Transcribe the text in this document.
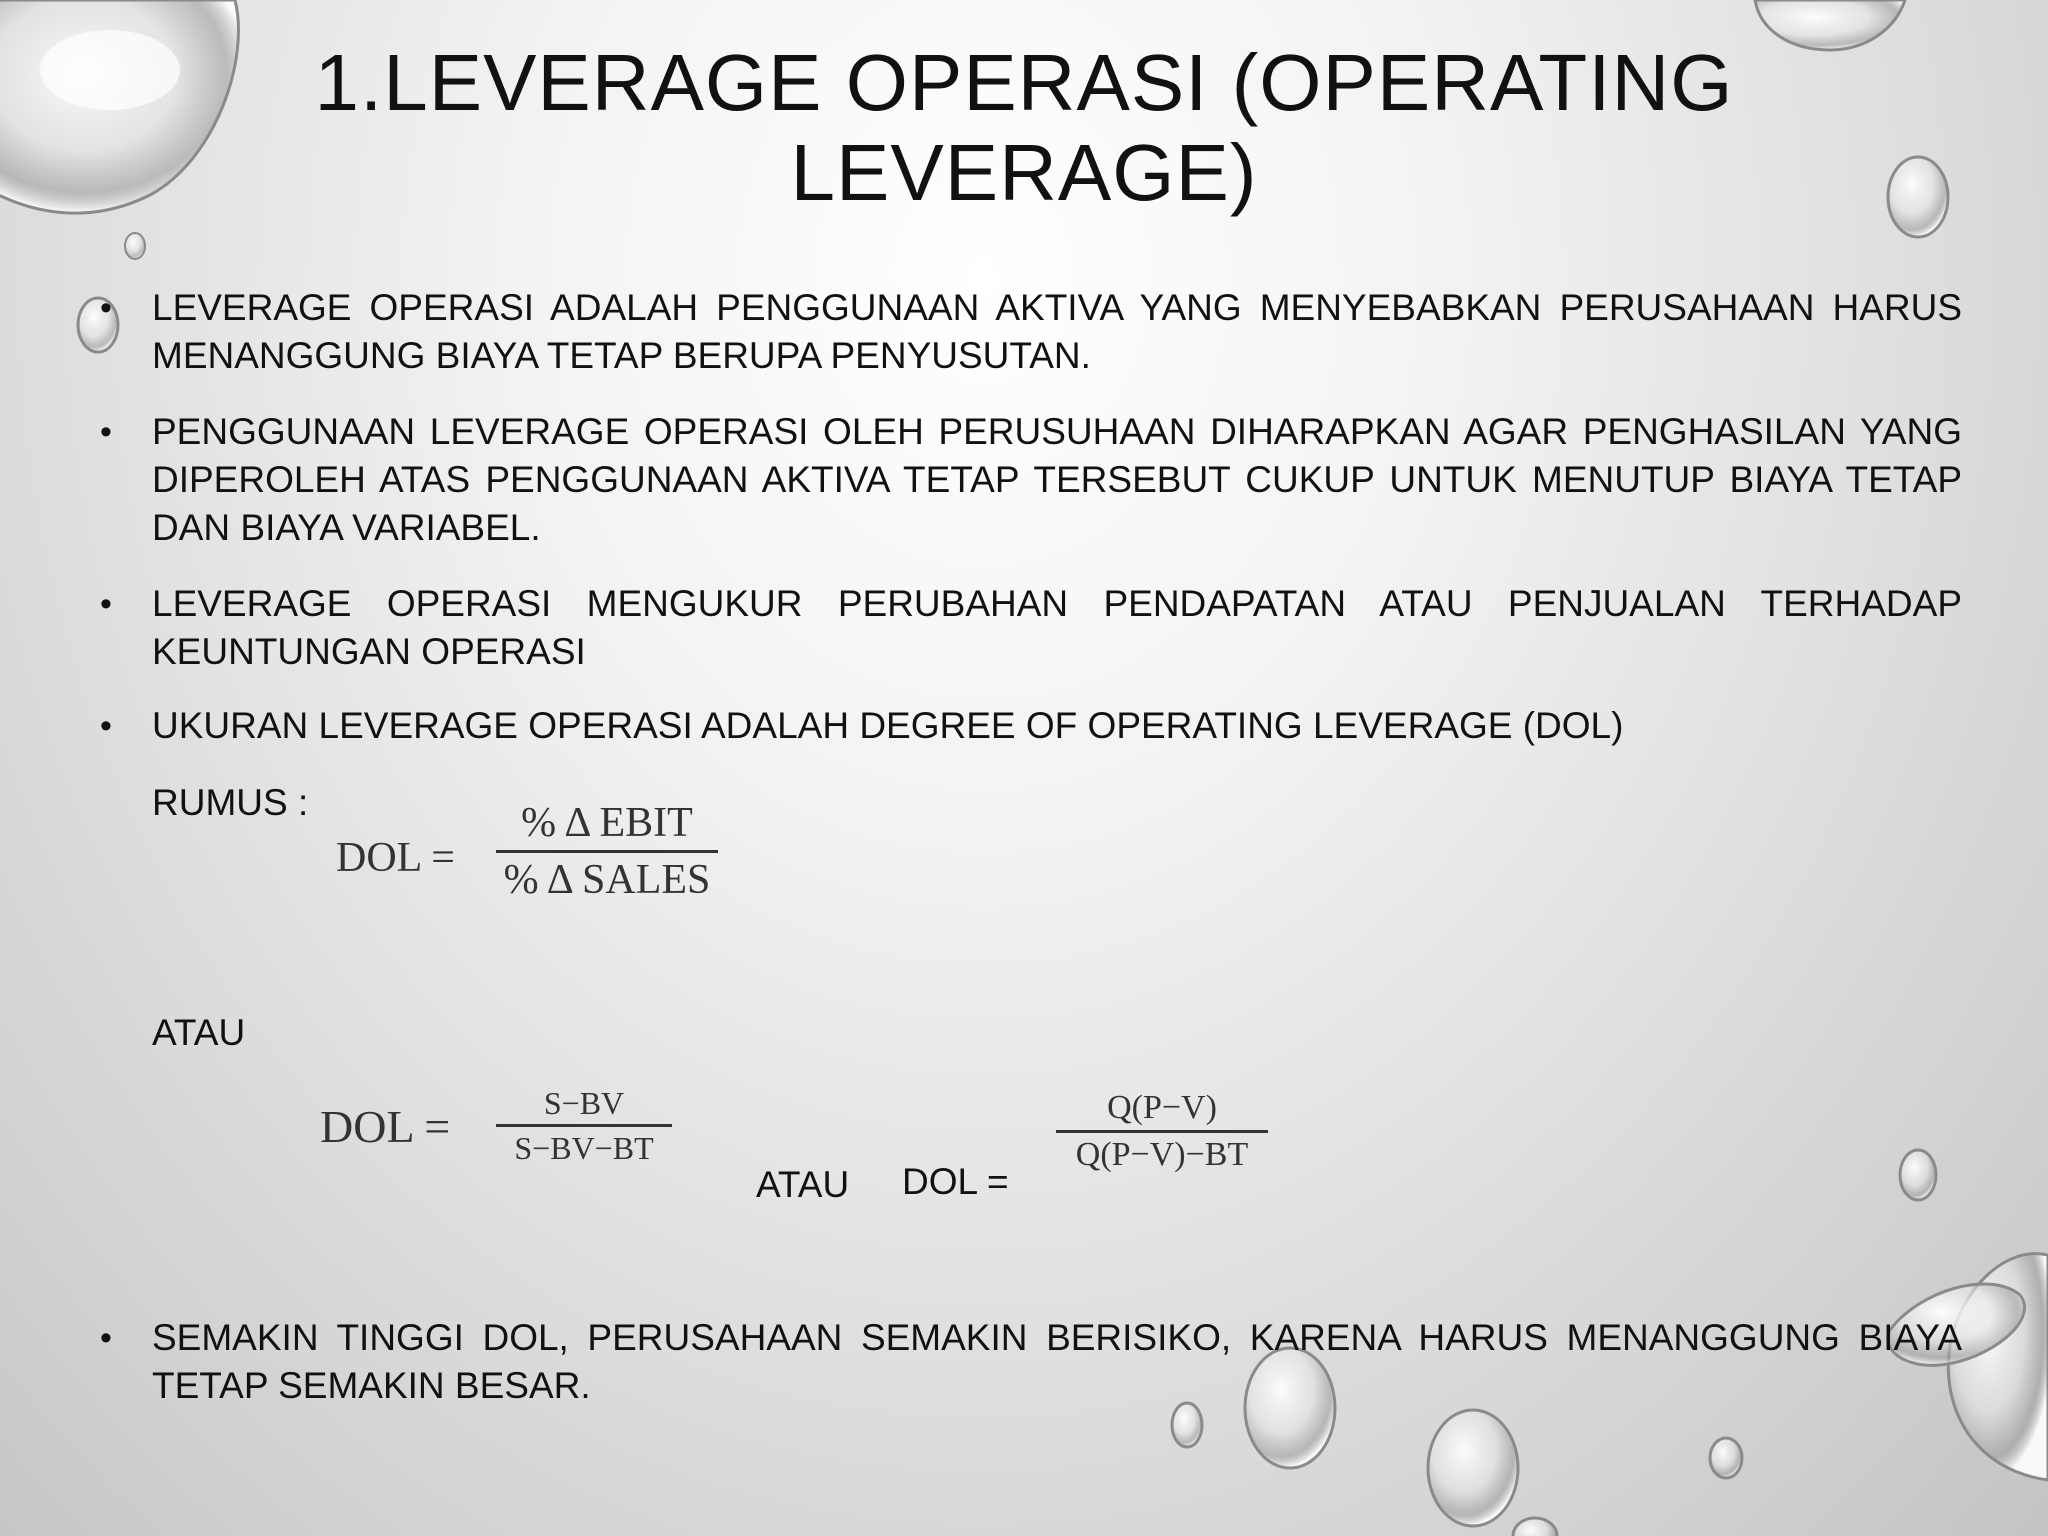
1.LEVERAGE OPERASI (OPERATING LEVERAGE)
• LEVERAGE OPERASI ADALAH PENGGUNAAN AKTIVA YANG MENYEBABKAN PERUSAHAAN HARUS MENANGGUNG BIAYA TETAP BERUPA PENYUSUTAN.
• PENGGUNAAN LEVERAGE OPERASI OLEH PERUSUHAAN DIHARAPKAN AGAR PENGHASILAN YANG DIPEROLEH ATAS PENGGUNAAN AKTIVA TETAP TERSEBUT CUKUP UNTUK MENUTUP BIAYA TETAP DAN BIAYA VARIABEL.
• LEVERAGE OPERASI MENGUKUR PERUBAHAN PENDAPATAN ATAU PENJUALAN TERHADAP KEUNTUNGAN OPERASI
• UKURAN LEVERAGE OPERASI ADALAH DEGREE OF OPERATING LEVERAGE (DOL)
RUMUS :
DOL =
% Δ EBIT
% Δ SALES
ATAU
DOL =	S−BV
S−BV−BT
ATAU DOL =
Q(P−V)
Q(P−V)−BT
• SEMAKIN TINGGI DOL, PERUSAHAAN SEMAKIN BERISIKO, KARENA HARUS MENANGGUNG BIAYA TETAP SEMAKIN BESAR.
